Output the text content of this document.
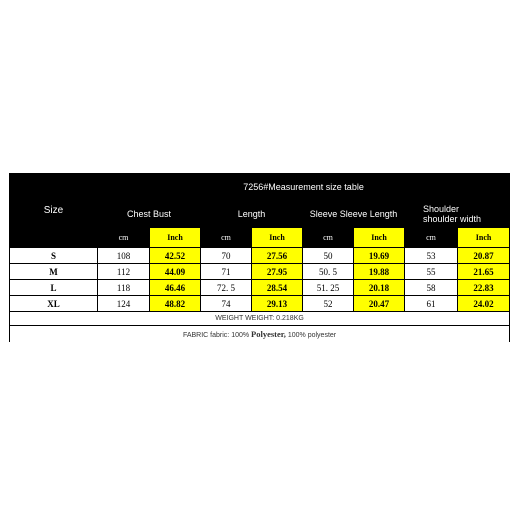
Size	7256#Measurement size table							
	Chest Bust		Length		Sleeve Sleeve Length		Shoulder
shoulder width	
	cm	Inch	cm	Inch	cm	Inch	cm	Inch
S	108	42.52	70	27.56	50	19.69	53	20.87
M	112	44.09	71	27.95	50. 5	19.88	55	21.65
L	118	46.46	72. 5	28.54	51. 25	20.18	58	22.83
XL	124	48.82	74	29.13	52	20.47	61	24.02
WEIGHT WEIGHT: 0.218KG								
FABRIC fabric: 100% Polyester, 100% polyester								
